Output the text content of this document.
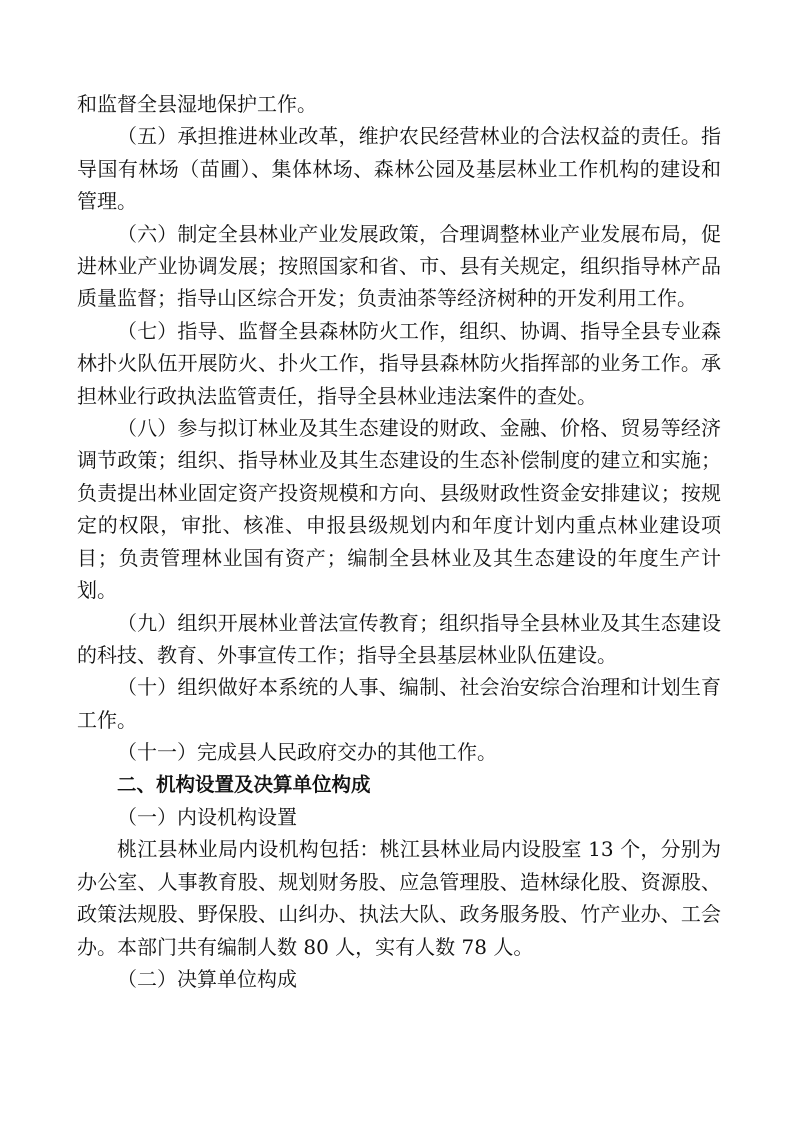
和监督全县湿地保护工作。

（五）承担推进林业改革，维护农民经营林业的合法权益的责任。指导国有林场（苗圃）、集体林场、森林公园及基层林业工作机构的建设和管理。

（六）制定全县林业产业发展政策，合理调整林业产业发展布局，促进林业产业协调发展；按照国家和省、市、县有关规定，组织指导林产品质量监督；指导山区综合开发；负责油茶等经济树种的开发利用工作。

（七）指导、监督全县森林防火工作，组织、协调、指导全县专业森林扑火队伍开展防火、扑火工作，指导县森林防火指挥部的业务工作。承担林业行政执法监管责任，指导全县林业违法案件的查处。

（八）参与拟订林业及其生态建设的财政、金融、价格、贸易等经济调节政策；组织、指导林业及其生态建设的生态补偿制度的建立和实施；负责提出林业固定资产投资规模和方向、县级财政性资金安排建议；按规定的权限，审批、核准、申报县级规划内和年度计划内重点林业建设项目；负责管理林业国有资产；编制全县林业及其生态建设的年度生产计划。

（九）组织开展林业普法宣传教育；组织指导全县林业及其生态建设的科技、教育、外事宣传工作；指导全县基层林业队伍建设。

（十）组织做好本系统的人事、编制、社会治安综合治理和计划生育工作。

（十一）完成县人民政府交办的其他工作。

二、机构设置及决算单位构成

（一）内设机构设置

桃江县林业局内设机构包括：桃江县林业局内设股室 13 个，分别为办公室、人事教育股、规划财务股、应急管理股、造林绿化股、资源股、政策法规股、野保股、山纠办、执法大队、政务服务股、竹产业办、工会办。本部门共有编制人数 80 人，实有人数 78 人。

（二）决算单位构成
